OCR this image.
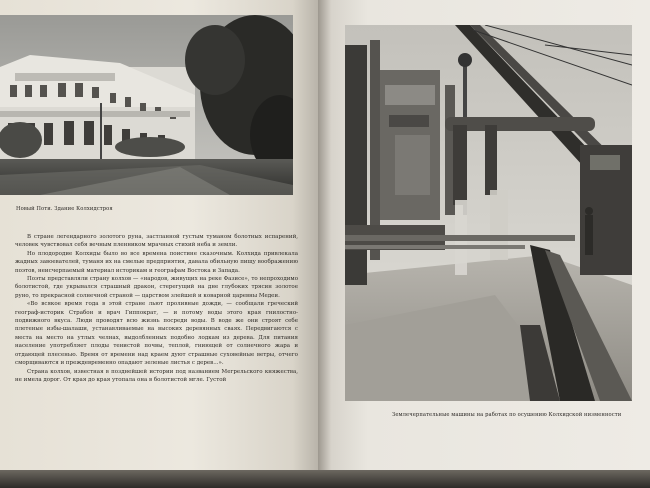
Новый Поти. Здание Колхидстроя

В стране легендарного золотого руна, застланной густым туманом болотных испарений, человек чувствовал себя вечным пленником мрачных стихий неба и земли.

Но плодородие Колхиды было во все времена поистине сказочным. Колхида привлекала жадных завоевателей, туманя их на смелые предприятия, давала обильную пищу воображению поэтов, неисчерпаемый материал историкам и географам Востока и Запада.

Поэты представляли страну колхов — «народов, живущих на реке Фазисе», то непроходимо болотистой, где укрывался страшный дракон, стерегущий на дне глубоких трясин золотое руно, то прекрасной солнечной страной — царством злейшей и коварной царевны Медеи.

«Во всякое время года в этой стране льют проливные дожди, — сообщали греческий географ-историк Страбон и врач Гиппократ, — и потому воды этого края гнилостно-подвижного вкуса. Люди проводят всю жизнь посреди воды. В воде же они строят себе плетеные избы-шалаши, устанавливаемые на высоких деревянных сваях. Передвигаются с места на место на утлых челнах, выдолбленных подобно лодкам из дерева. Для питания население употребляет плоды тенистой почвы, теплой, гниющей от солнечного жара и отдающей плесенью. Время от времени над краем дуют страшные суховейные ветры, отчего сморщиваются и преждевременно опадают зеленые листья с дерев...».

Страна колхов, известная в позднейшей истории под названием Мегрельского княжества, не имела дорог. От края до края утопала она в болотистой мгле. Густой

Землечерпательные машины на работах по осушению Колхидской низменности
